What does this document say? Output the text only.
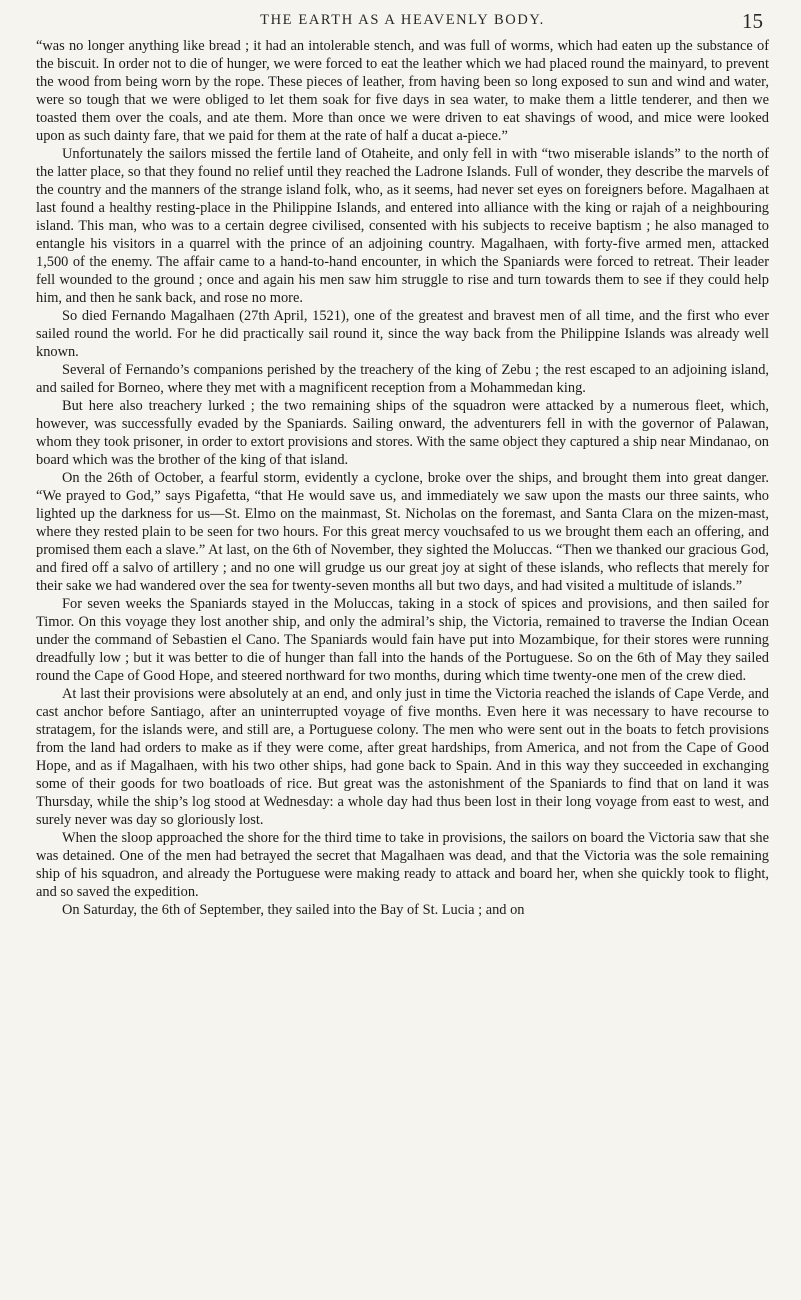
THE EARTH AS A HEAVENLY BODY.	15

“was no longer anything like bread ; it had an intolerable stench, and was full of worms, which had eaten up the substance of the biscuit. In order not to die of hunger, we were forced to eat the leather which we had placed round the mainyard, to prevent the wood from being worn by the rope. These pieces of leather, from having been so long exposed to sun and wind and water, were so tough that we were obliged to let them soak for five days in sea water, to make them a little tenderer, and then we toasted them over the coals, and ate them. More than once we were driven to eat shavings of wood, and mice were looked upon as such dainty fare, that we paid for them at the rate of half a ducat a-piece.”

Unfortunately the sailors missed the fertile land of Otaheite, and only fell in with “two miserable islands” to the north of the latter place, so that they found no relief until they reached the Ladrone Islands. Full of wonder, they describe the marvels of the country and the manners of the strange island folk, who, as it seems, had never set eyes on foreigners before. Magalhaen at last found a healthy resting-place in the Philippine Islands, and entered into alliance with the king or rajah of a neighbouring island. This man, who was to a certain degree civilised, consented with his subjects to receive baptism ; he also managed to entangle his visitors in a quarrel with the prince of an adjoining country. Magalhaen, with forty-five armed men, attacked 1,500 of the enemy. The affair came to a hand-to-hand encounter, in which the Spaniards were forced to retreat. Their leader fell wounded to the ground ; once and again his men saw him struggle to rise and turn towards them to see if they could help him, and then he sank back, and rose no more.

So died Fernando Magalhaen (27th April, 1521), one of the greatest and bravest men of all time, and the first who ever sailed round the world. For he did practically sail round it, since the way back from the Philippine Islands was already well known.

Several of Fernando’s companions perished by the treachery of the king of Zebu ; the rest escaped to an adjoining island, and sailed for Borneo, where they met with a magnificent reception from a Mohammedan king.

But here also treachery lurked ; the two remaining ships of the squadron were attacked by a numerous fleet, which, however, was successfully evaded by the Spaniards. Sailing onward, the adventurers fell in with the governor of Palawan, whom they took prisoner, in order to extort provisions and stores. With the same object they captured a ship near Mindanao, on board which was the brother of the king of that island.

On the 26th of October, a fearful storm, evidently a cyclone, broke over the ships, and brought them into great danger. “We prayed to God,” says Pigafetta, “that He would save us, and immediately we saw upon the masts our three saints, who lighted up the darkness for us—St. Elmo on the mainmast, St. Nicholas on the foremast, and Santa Clara on the mizen-mast, where they rested plain to be seen for two hours. For this great mercy vouchsafed to us we brought them each an offering, and promised them each a slave.” At last, on the 6th of November, they sighted the Moluccas. “Then we thanked our gracious God, and fired off a salvo of artillery ; and no one will grudge us our great joy at sight of these islands, who reflects that merely for their sake we had wandered over the sea for twenty-seven months all but two days, and had visited a multitude of islands.”

For seven weeks the Spaniards stayed in the Moluccas, taking in a stock of spices and provisions, and then sailed for Timor. On this voyage they lost another ship, and only the admiral’s ship, the Victoria, remained to traverse the Indian Ocean under the command of Sebastien el Cano. The Spaniards would fain have put into Mozambique, for their stores were running dreadfully low ; but it was better to die of hunger than fall into the hands of the Portuguese. So on the 6th of May they sailed round the Cape of Good Hope, and steered northward for two months, during which time twenty-one men of the crew died.

At last their provisions were absolutely at an end, and only just in time the Victoria reached the islands of Cape Verde, and cast anchor before Santiago, after an uninterrupted voyage of five months. Even here it was necessary to have recourse to stratagem, for the islands were, and still are, a Portuguese colony. The men who were sent out in the boats to fetch provisions from the land had orders to make as if they were come, after great hardships, from America, and not from the Cape of Good Hope, and as if Magalhaen, with his two other ships, had gone back to Spain. And in this way they succeeded in exchanging some of their goods for two boatloads of rice. But great was the astonishment of the Spaniards to find that on land it was Thursday, while the ship’s log stood at Wednesday: a whole day had thus been lost in their long voyage from east to west, and surely never was day so gloriously lost.

When the sloop approached the shore for the third time to take in provisions, the sailors on board the Victoria saw that she was detained. One of the men had betrayed the secret that Magalhaen was dead, and that the Victoria was the sole remaining ship of his squadron, and already the Portuguese were making ready to attack and board her, when she quickly took to flight, and so saved the expedition.

On Saturday, the 6th of September, they sailed into the Bay of St. Lucia ; and on
